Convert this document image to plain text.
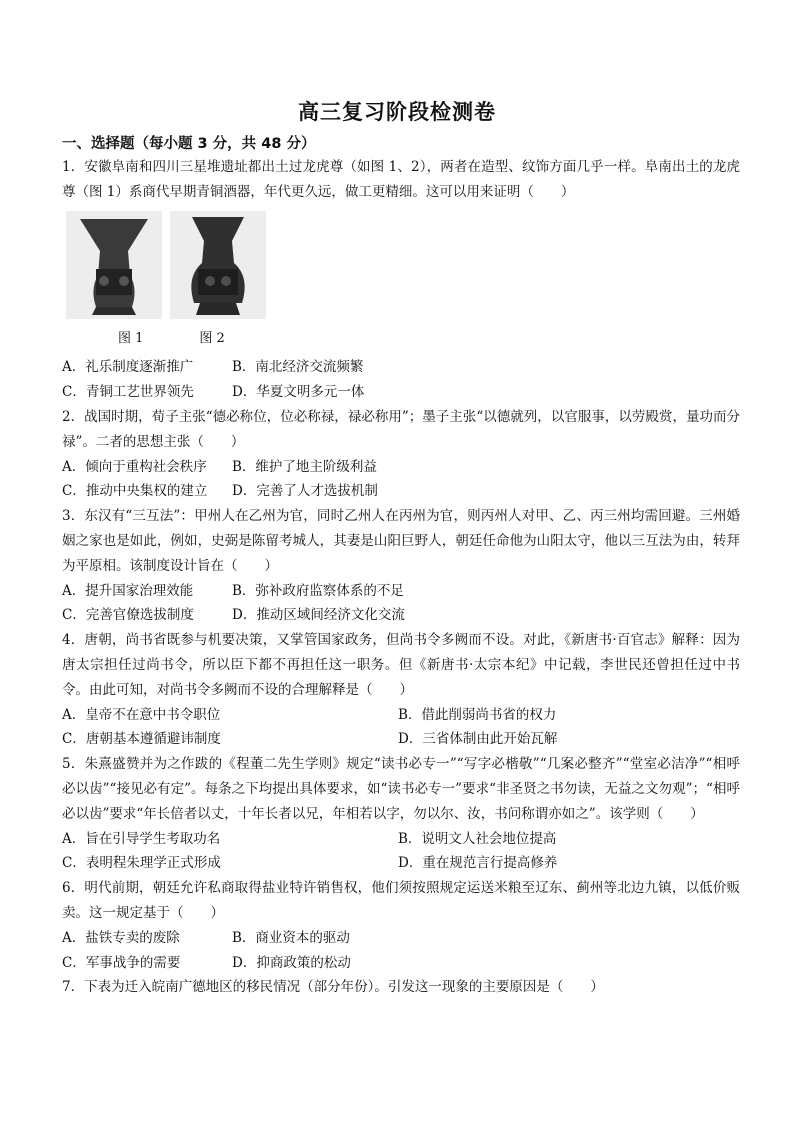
高三复习阶段检测卷
一、选择题（每小题 3 分，共 48 分）

1．安徽阜南和四川三星堆遗址都出土过龙虎尊（如图 1、2），两者在造型、纹饰方面几乎一样。阜南出土的龙虎尊（图 1）系商代早期青铜酒器，年代更久远，做工更精细。这可以用来证明（　　）

图 1	图 2
A．礼乐制度逐渐推广	B．南北经济交流频繁
C．青铜工艺世界领先	D．华夏文明多元一体

2．战国时期，荀子主张“德必称位，位必称禄，禄必称用”；墨子主张“以德就列，以官服事，以劳殿赏，量功而分禄”。二者的思想主张（　　）

A．倾向于重构社会秩序	B．维护了地主阶级利益
C．推动中央集权的建立	D．完善了人才选拔机制

3．东汉有“三互法”：甲州人在乙州为官，同时乙州人在丙州为官，则丙州人对甲、乙、丙三州均需回避。三州婚姻之家也是如此，例如，史弼是陈留考城人，其妻是山阳巨野人，朝廷任命他为山阳太守，他以三互法为由，转拜为平原相。该制度设计旨在（　　）

A．提升国家治理效能	B．弥补政府监察体系的不足
C．完善官僚选拔制度	D．推动区域间经济文化交流

4．唐朝，尚书省既参与机要决策，又掌管国家政务，但尚书令多阙而不设。对此，《新唐书·百官志》解释：因为唐太宗担任过尚书令，所以臣下都不再担任这一职务。但《新唐书·太宗本纪》中记载，李世民还曾担任过中书令。由此可知，对尚书令多阙而不设的合理解释是（　　）

A．皇帝不在意中书令职位	B．借此削弱尚书省的权力
C．唐朝基本遵循避讳制度	D．三省体制由此开始瓦解

5．朱熹盛赞并为之作跋的《程董二先生学则》规定“读书必专一”“写字必楷敬”“几案必整齐”“堂室必洁净”“相呼必以齿”“接见必有定”。每条之下均提出具体要求，如“读书必专一”要求“非圣贤之书勿读，无益之文勿观”；“相呼必以齿”要求“年长倍者以丈，十年长者以兄，年相若以字，勿以尔、汝，书问称谓亦如之”。该学则（　　）

A．旨在引导学生考取功名	B．说明文人社会地位提高
C．表明程朱理学正式形成	D．重在规范言行提高修养

6．明代前期，朝廷允许私商取得盐业特许销售权，他们须按照规定运送米粮至辽东、蓟州等北边九镇，以低价贩卖。这一规定基于（　　）

A．盐铁专卖的废除	B．商业资本的驱动
C．军事战争的需要	D．抑商政策的松动

7．下表为迁入皖南广德地区的移民情况（部分年份）。引发这一现象的主要原因是（　　）
